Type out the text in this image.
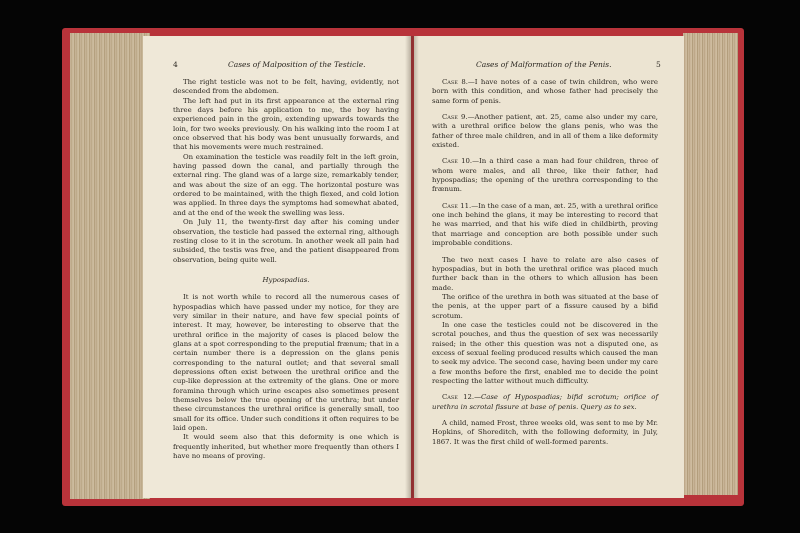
4	Cases of Malposition of the Testicle.

The right testicle was not to be felt, having, evidently, not descended from the abdomen.

The left had put in its first appearance at the external ring three days before his application to me, the boy having experienced pain in the groin, extending upwards towards the loin, for two weeks previously. On his walking into the room I at once observed that his body was bent unusually forwards, and that his movements were much restrained.

On examination the testicle was readily felt in the left groin, having passed down the canal, and partially through the external ring. The gland was of a large size, remarkably tender, and was about the size of an egg. The horizontal posture was ordered to be maintained, with the thigh flexed, and cold lotion was applied. In three days the symptoms had somewhat abated, and at the end of the week the swelling was less.

On July 11, the twenty-first day after his coming under observation, the testicle had passed the external ring, although resting close to it in the scrotum. In another week all pain had subsided, the testis was free, and the patient disappeared from observation, being quite well.

Hypospadias.

It is not worth while to record all the numerous cases of hypospadias which have passed under my notice, for they are very similar in their nature, and have few special points of interest. It may, however, be interesting to observe that the urethral orifice in the majority of cases is placed below the glans at a spot corresponding to the preputial frænum; that in a certain number there is a depression on the glans penis corresponding to the natural outlet; and that several small depressions often exist between the urethral orifice and the cup-like depression at the extremity of the glans. One or more foramina through which urine escapes also sometimes present themselves below the true opening of the urethra; but under these circumstances the urethral orifice is generally small, too small for its office. Under such conditions it often requires to be laid open.

It would seem also that this deformity is one which is frequently inherited, but whether more frequently than others I have no means of proving.

Cases of Malformation of the Penis.	5

Case 8.—I have notes of a case of twin children, who were born with this condition, and whose father had precisely the same form of penis.

Case 9.—Another patient, æt. 25, came also under my care, with a urethral orifice below the glans penis, who was the father of three male children, and in all of them a like deformity existed.

Case 10.—In a third case a man had four children, three of whom were males, and all three, like their father, had hypospadias; the opening of the urethra corresponding to the frænum.

Case 11.—In the case of a man, æt. 25, with a urethral orifice one inch behind the glans, it may be interesting to record that he was married, and that his wife died in childbirth, proving that marriage and conception are both possible under such improbable conditions.

The two next cases I have to relate are also cases of hypospadias, but in both the urethral orifice was placed much further back than in the others to which allusion has been made.

The orifice of the urethra in both was situated at the base of the penis, at the upper part of a fissure caused by a bifid scrotum.

In one case the testicles could not be discovered in the scrotal pouches, and thus the question of sex was necessarily raised; in the other this question was not a disputed one, as excess of sexual feeling produced results which caused the man to seek my advice. The second case, having been under my care a few months before the first, enabled me to decide the point respecting the latter without much difficulty.

Case 12.—Case of Hypospadias; bifid scrotum; orifice of urethra in scrotal fissure at base of penis. Query as to sex.

A child, named Frost, three weeks old, was sent to me by Mr. Hopkins, of Shoreditch, with the following deformity, in July, 1867. It was the first child of well-formed parents.
